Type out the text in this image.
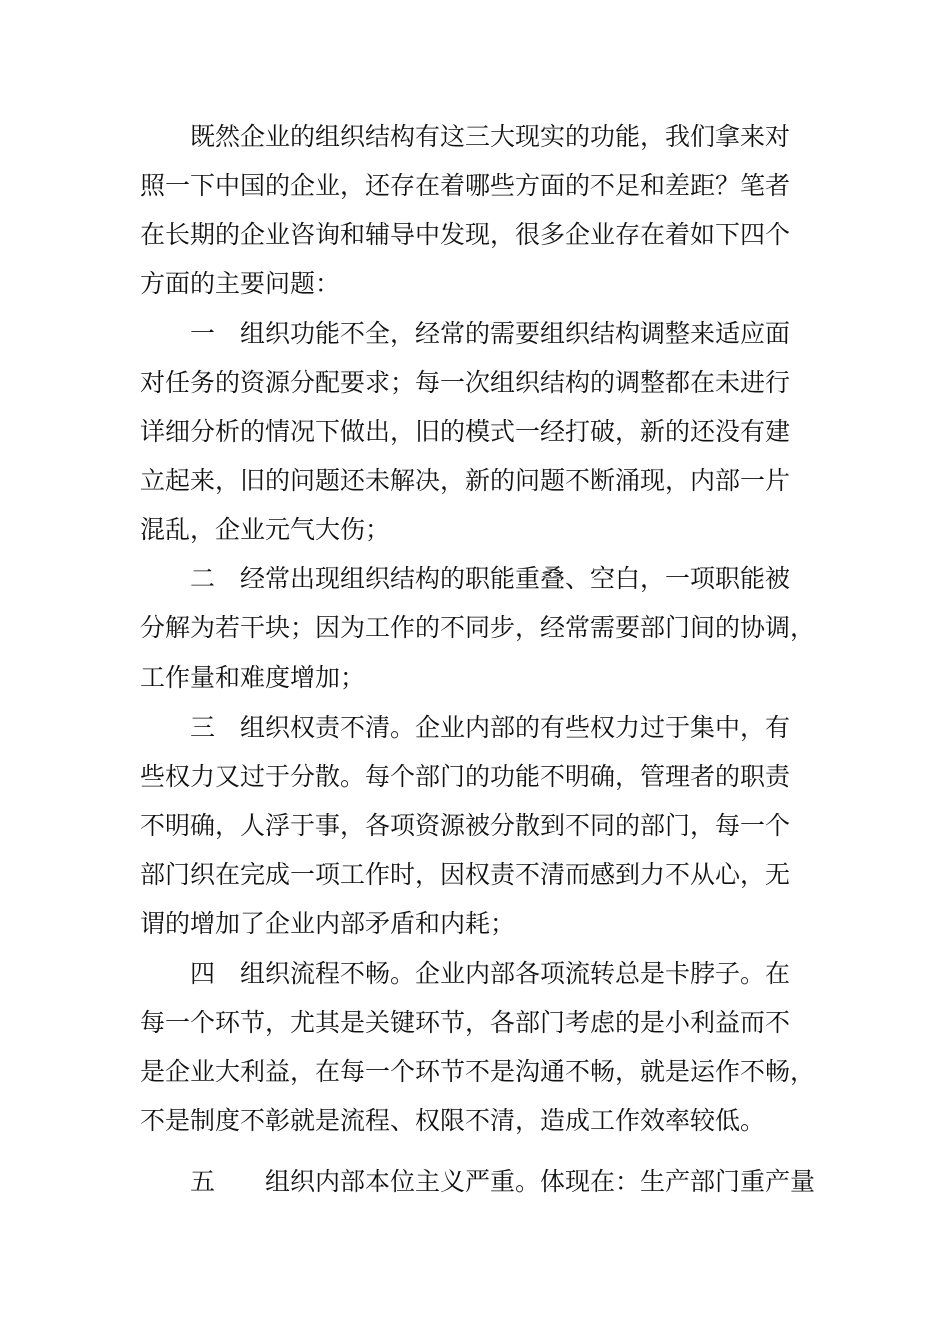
既然企业的组织结构有这三大现实的功能，我们拿来对
照一下中国的企业，还存在着哪些方面的不足和差距？笔者
在长期的企业咨询和辅导中发现，很多企业存在着如下四个
方面的主要问题：
一　组织功能不全，经常的需要组织结构调整来适应面
对任务的资源分配要求；每一次组织结构的调整都在未进行
详细分析的情况下做出，旧的模式一经打破，新的还没有建
立起来，旧的问题还未解决，新的问题不断涌现，内部一片
混乱，企业元气大伤；
二　经常出现组织结构的职能重叠、空白，一项职能被
分解为若干块；因为工作的不同步，经常需要部门间的协调，
工作量和难度增加；
三　组织权责不清。企业内部的有些权力过于集中，有
些权力又过于分散。每个部门的功能不明确，管理者的职责
不明确，人浮于事，各项资源被分散到不同的部门，每一个
部门织在完成一项工作时，因权责不清而感到力不从心，无
谓的增加了企业内部矛盾和内耗；
四　组织流程不畅。企业内部各项流转总是卡脖子。在
每一个环节，尤其是关键环节，各部门考虑的是小利益而不
是企业大利益，在每一个环节不是沟通不畅，就是运作不畅，
不是制度不彰就是流程、权限不清，造成工作效率较低。
五　　组织内部本位主义严重。体现在：生产部门重产量
